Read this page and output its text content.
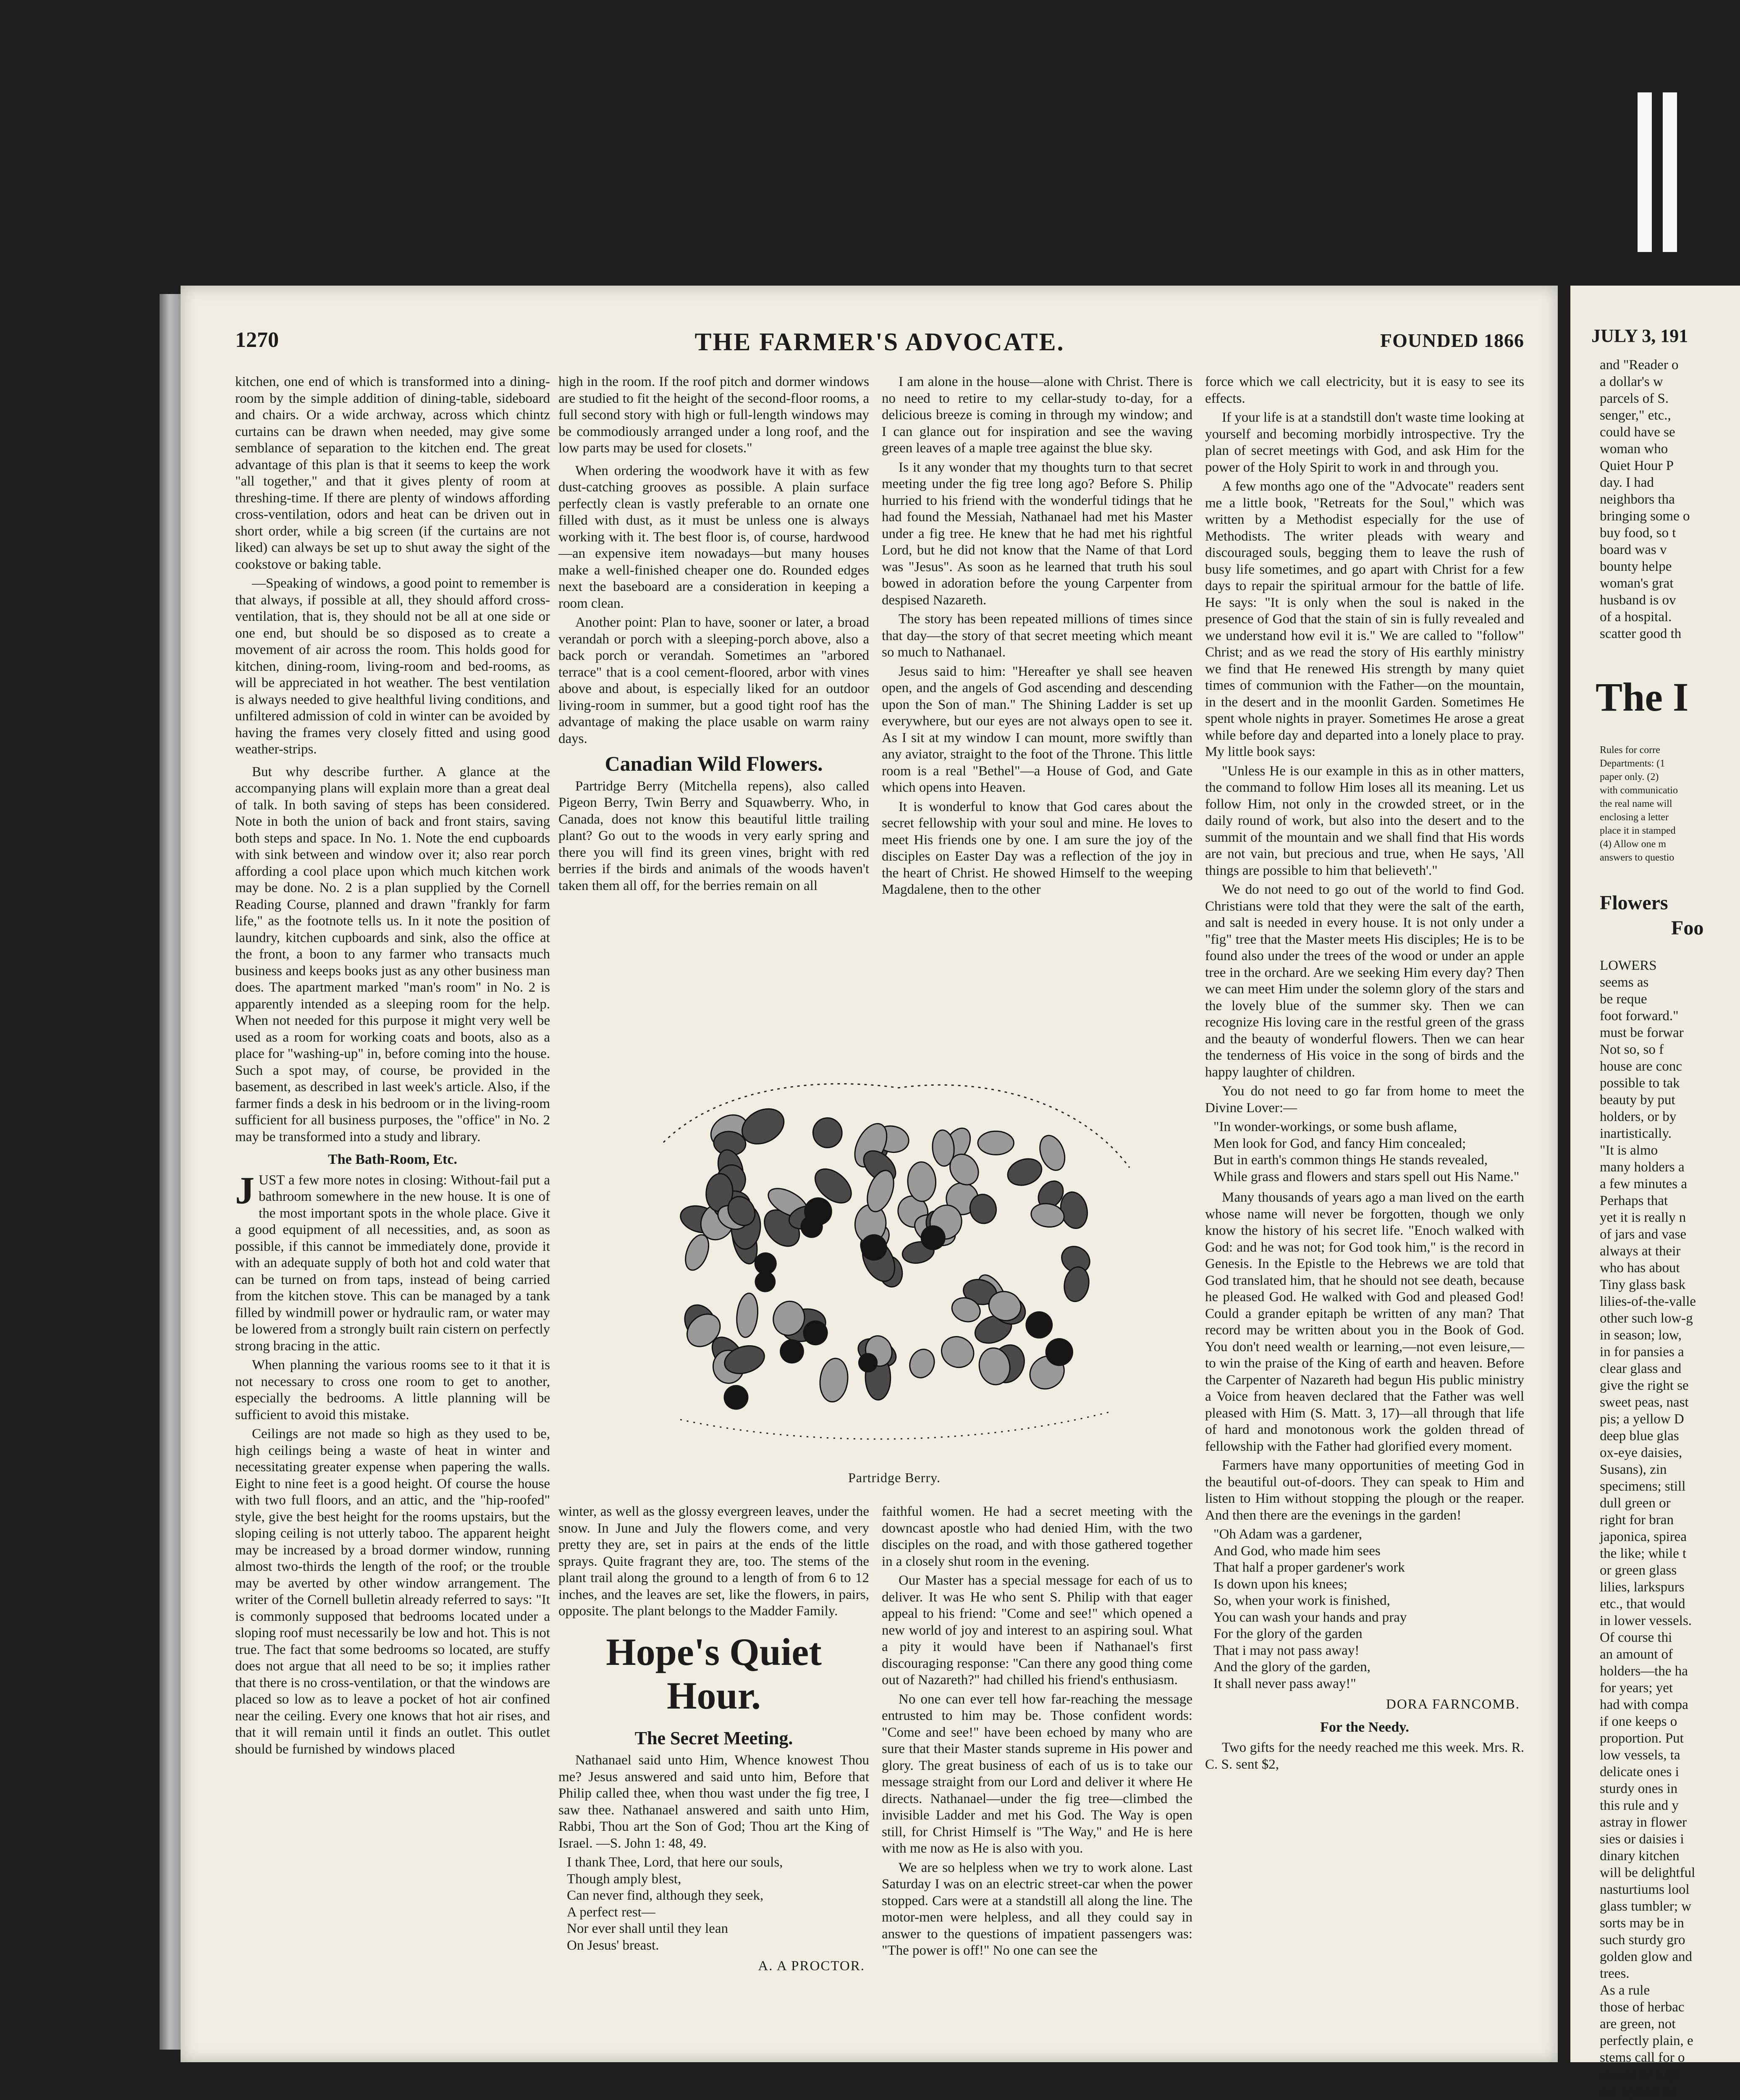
1270	THE FARMER'S ADVOCATE.	FOUNDED 1866

kitchen, one end of which is transformed into a dining-room by the simple addition of dining-table, sideboard and chairs. Or a wide archway, across which chintz curtains can be drawn when needed, may give some semblance of separation to the kitchen end. The great advantage of this plan is that it seems to keep the work "all together," and that it gives plenty of room at threshing-time. If there are plenty of windows affording cross-ventilation, odors and heat can be driven out in short order, while a big screen (if the curtains are not liked) can always be set up to shut away the sight of the cookstove or baking table.

—Speaking of windows, a good point to remember is that always, if possible at all, they should afford cross-ventilation, that is, they should not be all at one side or one end, but should be so disposed as to create a movement of air across the room. This holds good for kitchen, dining-room, living-room and bed-rooms, as will be appreciated in hot weather. The best ventilation is always needed to give healthful living conditions, and unfiltered admission of cold in winter can be avoided by having the frames very closely fitted and using good weather-strips.

But why describe further. A glance at the accompanying plans will explain more than a great deal of talk. In both saving of steps has been considered. Note in both the union of back and front stairs, saving both steps and space. In No. 1. Note the end cupboards with sink between and window over it; also rear porch affording a cool place upon which much kitchen work may be done. No. 2 is a plan supplied by the Cornell Reading Course, planned and drawn "frankly for farm life," as the footnote tells us. In it note the position of laundry, kitchen cupboards and sink, also the office at the front, a boon to any farmer who transacts much business and keeps books just as any other business man does. The apartment marked "man's room" in No. 2 is apparently intended as a sleeping room for the help. When not needed for this purpose it might very well be used as a room for working coats and boots, also as a place for "washing-up" in, before coming into the house. Such a spot may, of course, be provided in the basement, as described in last week's article. Also, if the farmer finds a desk in his bedroom or in the living-room sufficient for all business purposes, the "office" in No. 2 may be transformed into a study and library.

The Bath-Room, Etc.

JUST a few more notes in closing: Without-fail put a bathroom somewhere in the new house. It is one of the most important spots in the whole place. Give it a good equipment of all necessities, and, as soon as possible, if this cannot be immediately done, provide it with an adequate supply of both hot and cold water that can be turned on from taps, instead of being carried from the kitchen stove. This can be managed by a tank filled by windmill power or hydraulic ram, or water may be lowered from a strongly built rain cistern on perfectly strong bracing in the attic.

When planning the various rooms see to it that it is not necessary to cross one room to get to another, especially the bedrooms. A little planning will be sufficient to avoid this mistake.

Ceilings are not made so high as they used to be, high ceilings being a waste of heat in winter and necessitating greater expense when papering the walls. Eight to nine feet is a good height. Of course the house with two full floors, and an attic, and the "hip-roofed" style, give the best height for the rooms upstairs, but the sloping ceiling is not utterly taboo. The apparent height may be increased by a broad dormer window, running almost two-thirds the length of the roof; or the trouble may be averted by other window arrangement. The writer of the Cornell bulletin already referred to says: "It is commonly supposed that bedrooms located under a sloping roof must necessarily be low and hot. This is not true. The fact that some bedrooms so located, are stuffy does not argue that all need to be so; it implies rather that there is no cross-ventilation, or that the windows are placed so low as to leave a pocket of hot air confined near the ceiling. Every one knows that hot air rises, and that it will remain until it finds an outlet. This outlet should be furnished by windows placed

high in the room. If the roof pitch and dormer windows are studied to fit the height of the second-floor rooms, a full second story with high or full-length windows may be commodiously arranged under a long roof, and the low parts may be used for closets."

When ordering the woodwork have it with as few dust-catching grooves as possible. A plain surface perfectly clean is vastly preferable to an ornate one filled with dust, as it must be unless one is always working with it. The best floor is, of course, hardwood—an expensive item nowadays—but many houses make a well-finished cheaper one do. Rounded edges next the baseboard are a consideration in keeping a room clean.

Another point: Plan to have, sooner or later, a broad verandah or porch with a sleeping-porch above, also a back porch or verandah. Sometimes an "arbored terrace" that is a cool cement-floored, arbor with vines above and about, is especially liked for an outdoor living-room in summer, but a good tight roof has the advantage of making the place usable on warm rainy days.

Canadian Wild Flowers.

Partridge Berry (Mitchella repens), also called Pigeon Berry, Twin Berry and Squawberry. Who, in Canada, does not know this beautiful little trailing plant? Go out to the woods in very early spring and there you will find its green vines, bright with red berries if the birds and animals of the woods haven't taken them all off, for the berries remain on all

I am alone in the house—alone with Christ. There is no need to retire to my cellar-study to-day, for a delicious breeze is coming in through my window; and I can glance out for inspiration and see the waving green leaves of a maple tree against the blue sky.

Is it any wonder that my thoughts turn to that secret meeting under the fig tree long ago? Before S. Philip hurried to his friend with the wonderful tidings that he had found the Messiah, Nathanael had met his Master under a fig tree. He knew that he had met his rightful Lord, but he did not know that the Name of that Lord was "Jesus". As soon as he learned that truth his soul bowed in adoration before the young Carpenter from despised Nazareth.

The story has been repeated millions of times since that day—the story of that secret meeting which meant so much to Nathanael.

Jesus said to him: "Hereafter ye shall see heaven open, and the angels of God ascending and descending upon the Son of man." The Shining Ladder is set up everywhere, but our eyes are not always open to see it. As I sit at my window I can mount, more swiftly than any aviator, straight to the foot of the Throne. This little room is a real "Bethel"—a House of God, and Gate which opens into Heaven.

It is wonderful to know that God cares about the secret fellowship with your soul and mine. He loves to meet His friends one by one. I am sure the joy of the disciples on Easter Day was a reflection of the joy in the heart of Christ. He showed Himself to the weeping Magdalene, then to the other

force which we call electricity, but it is easy to see its effects.

If your life is at a standstill don't waste time looking at yourself and becoming morbidly introspective. Try the plan of secret meetings with God, and ask Him for the power of the Holy Spirit to work in and through you.

A few months ago one of the "Advocate" readers sent me a little book, "Retreats for the Soul," which was written by a Methodist especially for the use of Methodists. The writer pleads with weary and discouraged souls, begging them to leave the rush of busy life sometimes, and go apart with Christ for a few days to repair the spiritual armour for the battle of life. He says: "It is only when the soul is naked in the presence of God that the stain of sin is fully revealed and we understand how evil it is." We are called to "follow" Christ; and as we read the story of His earthly ministry we find that He renewed His strength by many quiet times of communion with the Father—on the mountain, in the desert and in the moonlit Garden. Sometimes He spent whole nights in prayer. Sometimes He arose a great while before day and departed into a lonely place to pray. My little book says:

"Unless He is our example in this as in other matters, the command to follow Him loses all its meaning. Let us follow Him, not only in the crowded street, or in the daily round of work, but also into the desert and to the summit of the mountain and we shall find that His words are not vain, but precious and true, when He says, 'All things are possible to him that believeth'."

We do not need to go out of the world to find God. Christians were told that they were the salt of the earth, and salt is needed in every house. It is not only under a "fig" tree that the Master meets His disciples; He is to be found also under the trees of the wood or under an apple tree in the orchard. Are we seeking Him every day? Then we can meet Him under the solemn glory of the stars and the lovely blue of the summer sky. Then we can recognize His loving care in the restful green of the grass and the beauty of wonderful flowers. Then we can hear the tenderness of His voice in the song of birds and the happy laughter of children.

You do not need to go far from home to meet the Divine Lover:—

"In wonder-workings, or some bush aflame,
Men look for God, and fancy Him concealed;
But in earth's common things He stands revealed,
While grass and flowers and stars spell out His Name."

Many thousands of years ago a man lived on the earth whose name will never be forgotten, though we only know the history of his secret life. "Enoch walked with God: and he was not; for God took him," is the record in Genesis. In the Epistle to the Hebrews we are told that God translated him, that he should not see death, because he pleased God. He walked with God and pleased God! Could a grander epitaph be written of any man? That record may be written about you in the Book of God. You don't need wealth or learning,—not even leisure,—to win the praise of the King of earth and heaven. Before the Carpenter of Nazareth had begun His public ministry a Voice from heaven declared that the Father was well pleased with Him (S. Matt. 3, 17)—all through that life of hard and monotonous work the golden thread of fellowship with the Father had glorified every moment.

Farmers have many opportunities of meeting God in the beautiful out-of-doors. They can speak to Him and listen to Him without stopping the plough or the reaper. And then there are the evenings in the garden!

"Oh Adam was a gardener,
And God, who made him sees
That half a proper gardener's work
Is down upon his knees;
So, when your work is finished,
You can wash your hands and pray
For the glory of the garden
That i may not pass away!
And the glory of the garden,
It shall never pass away!"
DORA FARNCOMB.
For the Needy.

Two gifts for the needy reached me this week. Mrs. R. C. S. sent $2,

Partridge Berry.

winter, as well as the glossy evergreen leaves, under the snow. In June and July the flowers come, and very pretty they are, set in pairs at the ends of the little sprays. Quite fragrant they are, too. The stems of the plant trail along the ground to a length of from 6 to 12 inches, and the leaves are set, like the flowers, in pairs, opposite. The plant belongs to the Madder Family.

Hope's Quiet Hour.
The Secret Meeting.

Nathanael said unto Him, Whence knowest Thou me? Jesus answered and said unto him, Before that Philip called thee, when thou wast under the fig tree, I saw thee. Nathanael answered and saith unto Him, Rabbi, Thou art the Son of God; Thou art the King of Israel. —S. John 1: 48, 49.

I thank Thee, Lord, that here our souls,
Though amply blest,
Can never find, although they seek,
A perfect rest—
Nor ever shall until they lean
On Jesus' breast.
A. A PROCTOR.

faithful women. He had a secret meeting with the downcast apostle who had denied Him, with the two disciples on the road, and with those gathered together in a closely shut room in the evening.

Our Master has a special message for each of us to deliver. It was He who sent S. Philip with that eager appeal to his friend: "Come and see!" which opened a new world of joy and interest to an aspiring soul. What a pity it would have been if Nathanael's first discouraging response: "Can there any good thing come out of Nazareth?" had chilled his friend's enthusiasm.

No one can ever tell how far-reaching the message entrusted to him may be. Those confident words: "Come and see!" have been echoed by many who are sure that their Master stands supreme in His power and glory. The great business of each of us is to take our message straight from our Lord and deliver it where He directs. Nathanael—under the fig tree—climbed the invisible Ladder and met his God. The Way is open still, for Christ Himself is "The Way," and He is here with me now as He is also with you.

We are so helpless when we try to work alone. Last Saturday I was on an electric street-car when the power stopped. Cars were at a standstill all along the line. The motor-men were helpless, and all they could say in answer to the questions of impatient passengers was: "The power is off!" No one can see the

JULY 3, 191
and "Reader o
a dollar's w
parcels of S.
senger," etc.,
could have se
woman who
Quiet Hour P
day. I had
neighbors tha
bringing some o
buy food, so t
board was v
bounty helpe
woman's grat
husband is ov
of a hospital.
scatter good th
The I
Rules for corre
Departments: (1
paper only. (2)
with communicatio
the real name will
enclosing a letter
place it in stamped
(4) Allow one m
answers to questio
Flowers
Foo
LOWERS
seems as
be reque
foot forward."
must be forwar
Not so, so f
house are conc
possible to tak
beauty by put
holders, or by
inartistically.
"It is almo
many holders a
a few minutes a
Perhaps that
yet it is really n
of jars and vase
always at their
who has about
Tiny glass bask
lilies-of-the-valle
other such low-g
in season; low,
in for pansies a
clear glass and
give the right se
sweet peas, nast
pis; a yellow D
deep blue glas
ox-eye daisies,
Susans), zin
specimens; still
dull green or
right for bran
japonica, spirea
the like; while t
or green glass
lilies, larkspurs
etc., that would
in lower vessels.
Of course thi
an amount of
holders—the ha
for years; yet
had with compa
if one keeps o
proportion. Put
low vessels, ta
delicate ones i
sturdy ones in
this rule and y
astray in flower
sies or daisies i
dinary kitchen
will be delightful
nasturtiums lool
glass tumbler; w
sorts may be in
such sturdy gro
golden glow and
trees.
As a rule
those of herbac
are green, not
perfectly plain, e
stems call for o
should be kept
out against be
